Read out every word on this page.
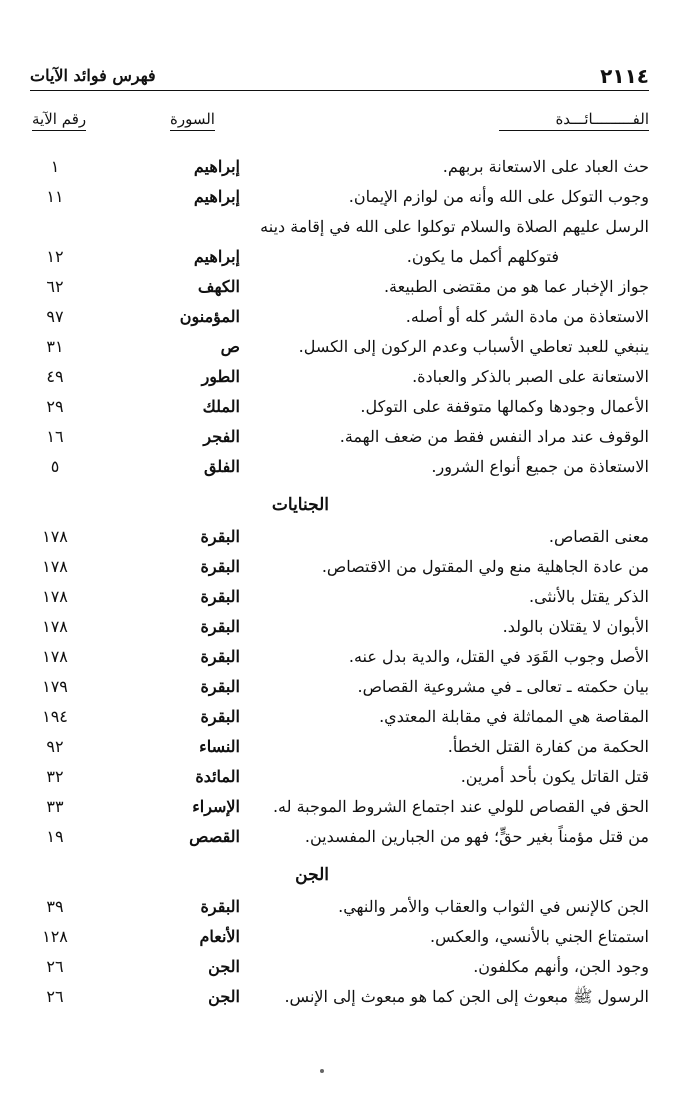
٢١١٤
فهرس فوائد الآيات
الفـــــــــائـــدة
السورة
رقم الآية
حث العباد على الاستعانة بربهم.
إبراهيم
١
وجوب التوكل على الله وأنه من لوازم الإيمان.
إبراهيم
١١
الرسل عليهم الصلاة والسلام توكلوا على الله في إقامة دينه
فتوكلهم أكمل ما يكون.
إبراهيم
١٢
جواز الإخبار عما هو من مقتضى الطبيعة.
الكهف
٦٢
الاستعاذة من مادة الشر كله أو أصله.
المؤمنون
٩٧
ينبغي للعبد تعاطي الأسباب وعدم الركون إلى الكسل.
ص
٣١
الاستعانة على الصبر بالذكر والعبادة.
الطور
٤٩
الأعمال وجودها وكمالها متوقفة على التوكل.
الملك
٢٩
الوقوف عند مراد النفس فقط من ضعف الهمة.
الفجر
١٦
الاستعاذة من جميع أنواع الشرور.
الفلق
٥
الجنايات
معنى القصاص.
البقرة
١٧٨
من عادة الجاهلية منع ولي المقتول من الاقتصاص.
البقرة
١٧٨
الذكر يقتل بالأنثى.
البقرة
١٧٨
الأبوان لا يقتلان بالولد.
البقرة
١٧٨
الأصل وجوب القَوَد في القتل، والدية بدل عنه.
البقرة
١٧٨
بيان حكمته ـ تعالى ـ في مشروعية القصاص.
البقرة
١٧٩
المقاصة هي المماثلة في مقابلة المعتدي.
البقرة
١٩٤
الحكمة من كفارة القتل الخطأ.
النساء
٩٢
قتل القاتل يكون بأحد أمرين.
المائدة
٣٢
الحق في القصاص للولي عند اجتماع الشروط الموجبة له.
الإسراء
٣٣
من قتل مؤمناً بغير حقٍّ؛ فهو من الجبارين المفسدين.
القصص
١٩
الجن
الجن كالإنس في الثواب والعقاب والأمر والنهي.
البقرة
٣٩
استمتاع الجني بالأنسي، والعكس.
الأنعام
١٢٨
وجود الجن، وأنهم مكلفون.
الجن
٢٦
الرسول ﷺ مبعوث إلى الجن كما هو مبعوث إلى الإنس.
الجن
٢٦
